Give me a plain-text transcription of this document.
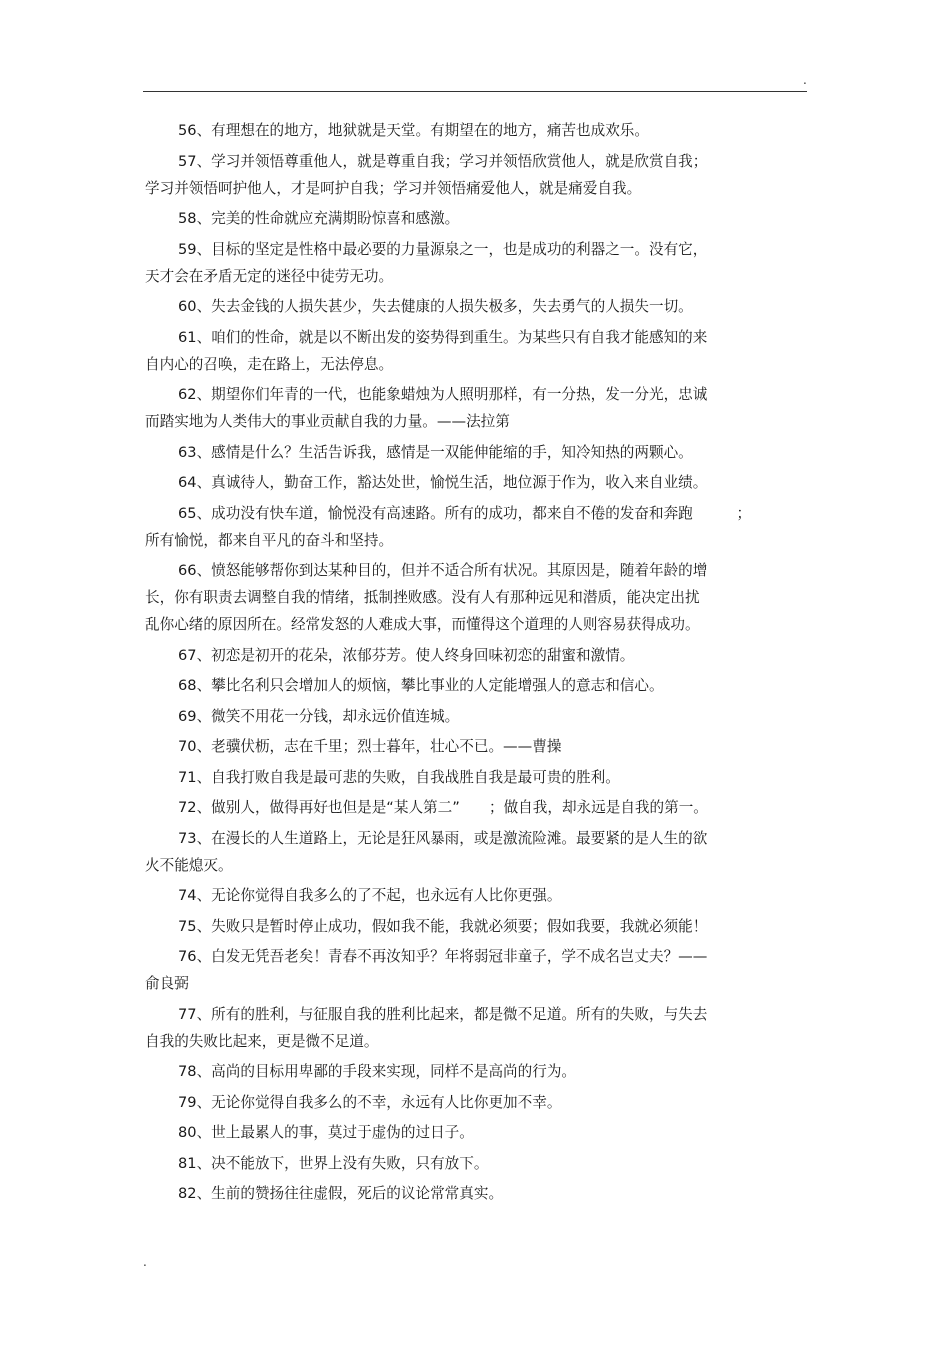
.

56、有理想在的地方，地狱就是天堂。有期望在的地方，痛苦也成欢乐。

57、学习并领悟尊重他人，就是尊重自我；学习并领悟欣赏他人，就是欣赏自我；
学习并领悟呵护他人，才是呵护自我；学习并领悟痛爱他人，就是痛爱自我。

58、完美的性命就应充满期盼惊喜和感激。

59、目标的坚定是性格中最必要的力量源泉之一，也是成功的利器之一。没有它，
天才会在矛盾无定的迷径中徒劳无功。

60、失去金钱的人损失甚少，失去健康的人损失极多，失去勇气的人损失一切。

61、咱们的性命，就是以不断出发的姿势得到重生。为某些只有自我才能感知的来
自内心的召唤，走在路上，无法停息。

62、期望你们年青的一代，也能象蜡烛为人照明那样，有一分热，发一分光，忠诚
而踏实地为人类伟大的事业贡献自我的力量。——法拉第

63、感情是什么？生活告诉我，感情是一双能伸能缩的手，知冷知热的两颗心。

64、真诚待人，勤奋工作，豁达处世，愉悦生活，地位源于作为，收入来自业绩。

65、成功没有快车道，愉悦没有高速路。所有的成功，都来自不倦的发奋和奔跑　　　；
所有愉悦，都来自平凡的奋斗和坚持。

66、愤怒能够帮你到达某种目的，但并不适合所有状况。其原因是，随着年龄的增
长，你有职责去调整自我的情绪，抵制挫败感。没有人有那种远见和潜质，能决定出扰
乱你心绪的原因所在。经常发怒的人难成大事，而懂得这个道理的人则容易获得成功。

67、初恋是初开的花朵，浓郁芬芳。使人终身回味初恋的甜蜜和激情。

68、攀比名利只会增加人的烦恼，攀比事业的人定能增强人的意志和信心。

69、微笑不用花一分钱，却永远价值连城。

70、老骥伏枥，志在千里；烈士暮年，壮心不已。——曹操

71、自我打败自我是最可悲的失败，自我战胜自我是最可贵的胜利。

72、做别人，做得再好也但是是“某人第二”　　；做自我，却永远是自我的第一。

73、在漫长的人生道路上，无论是狂风暴雨，或是激流险滩。最要紧的是人生的欲
火不能熄灭。

74、无论你觉得自我多么的了不起，也永远有人比你更强。

75、失败只是暂时停止成功，假如我不能，我就必须要；假如我要，我就必须能！

76、白发无凭吾老矣！青春不再汝知乎？年将弱冠非童子，学不成名岂丈夫？——
俞良弼

77、所有的胜利，与征服自我的胜利比起来，都是微不足道。所有的失败，与失去
自我的失败比起来，更是微不足道。

78、高尚的目标用卑鄙的手段来实现，同样不是高尚的行为。

79、无论你觉得自我多么的不幸，永远有人比你更加不幸。

80、世上最累人的事，莫过于虚伪的过日子。

81、决不能放下，世界上没有失败，只有放下。

82、生前的赞扬往往虚假，死后的议论常常真实。

.
